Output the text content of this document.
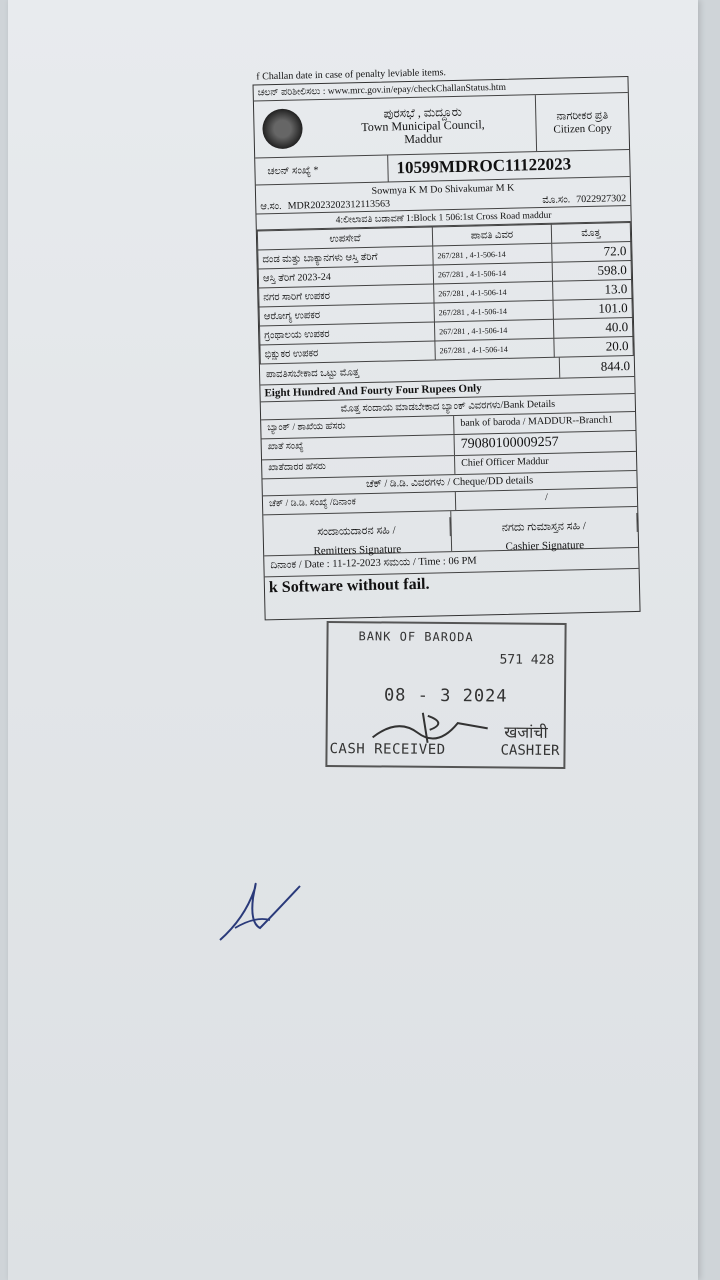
f Challan date in case of penalty leviable items.
ಚಲನ್ ಪರಿಶೀಲಿಸಲು : www.mrc.gov.in/epay/checkChallanStatus.htm
ಪುರಸಭೆ , ಮದ್ದೂರು
Town Municipal Council,
Maddur
ನಾಗರೀಕರ ಪ್ರತಿ
Citizen Copy
ಚಲನ್ ಸಂಖ್ಯೆ *	10599MDROC11122023
Sowmya K M Do Shivakumar M K
ಆ.ಸಂ. MDR2023202312113563	ಮೊ.ಸಂ. 7022927302
4:ಲೀಲಾವತಿ ಬಡಾವಣೆ 1:Block 1 506:1st Cross Road maddur
ಉಪಸೇವೆ	ಪಾವತಿ ವಿವರ	ಮೊತ್ತ
ದಂಡ ಮತ್ತು ಬಾಕ್ಯಾನಗಳು ಆಸ್ತಿ ತೆರಿಗೆ	267/281 , 4-1-506-14	72.0
ಆಸ್ತಿ ತೆರಿಗೆ 2023-24	267/281 , 4-1-506-14	598.0
ನಗರ ಸಾರಿಗೆ ಉಪಕರ	267/281 , 4-1-506-14	13.0
ಆರೋಗ್ಯ ಉಪಕರ	267/281 , 4-1-506-14	101.0
ಗ್ರಂಥಾಲಯ ಉಪಕರ	267/281 , 4-1-506-14	40.0
ಭಿಕ್ಷುಕರ ಉಪಕರ	267/281 , 4-1-506-14	20.0
ಪಾವತಿಸಬೇಕಾದ ಒಟ್ಟು ಮೊತ್ತ	844.0
Eight Hundred And Fourty Four Rupees Only
ಮೊತ್ತ ಸಂದಾಯ ಮಾಡಬೇಕಾದ ಬ್ಯಾಂಕ್ ವಿವರಗಳು/Bank Details
ಬ್ಯಾಂಕ್ / ಶಾಖೆಯ ಹೆಸರು	bank of baroda / MADDUR--Branch1
ಖಾತೆ ಸಂಖ್ಯೆ	79080100009257
ಖಾತೆದಾರರ ಹೆಸರು	Chief Officer Maddur
ಚೆಕ್ / ಡಿ.ಡಿ. ವಿವರಗಳು / Cheque/DD details
ಚೆಕ್ / ಡಿ.ಡಿ. ಸಂಖ್ಯೆ /ದಿನಾಂಕ	/
ಸಂದಾಯದಾರನ ಸಹಿ /
Remitters Signature
ನಗದು ಗುಮಾಸ್ತನ ಸಹಿ /
Cashier Signature
ದಿನಾಂಕ / Date : 11-12-2023 ಸಮಯ / Time : 06 PM
k Software without fail.
BANK OF BARODA
571 428
08 - 3 2024
खजांची
CASH RECEIVED	CASHIER
